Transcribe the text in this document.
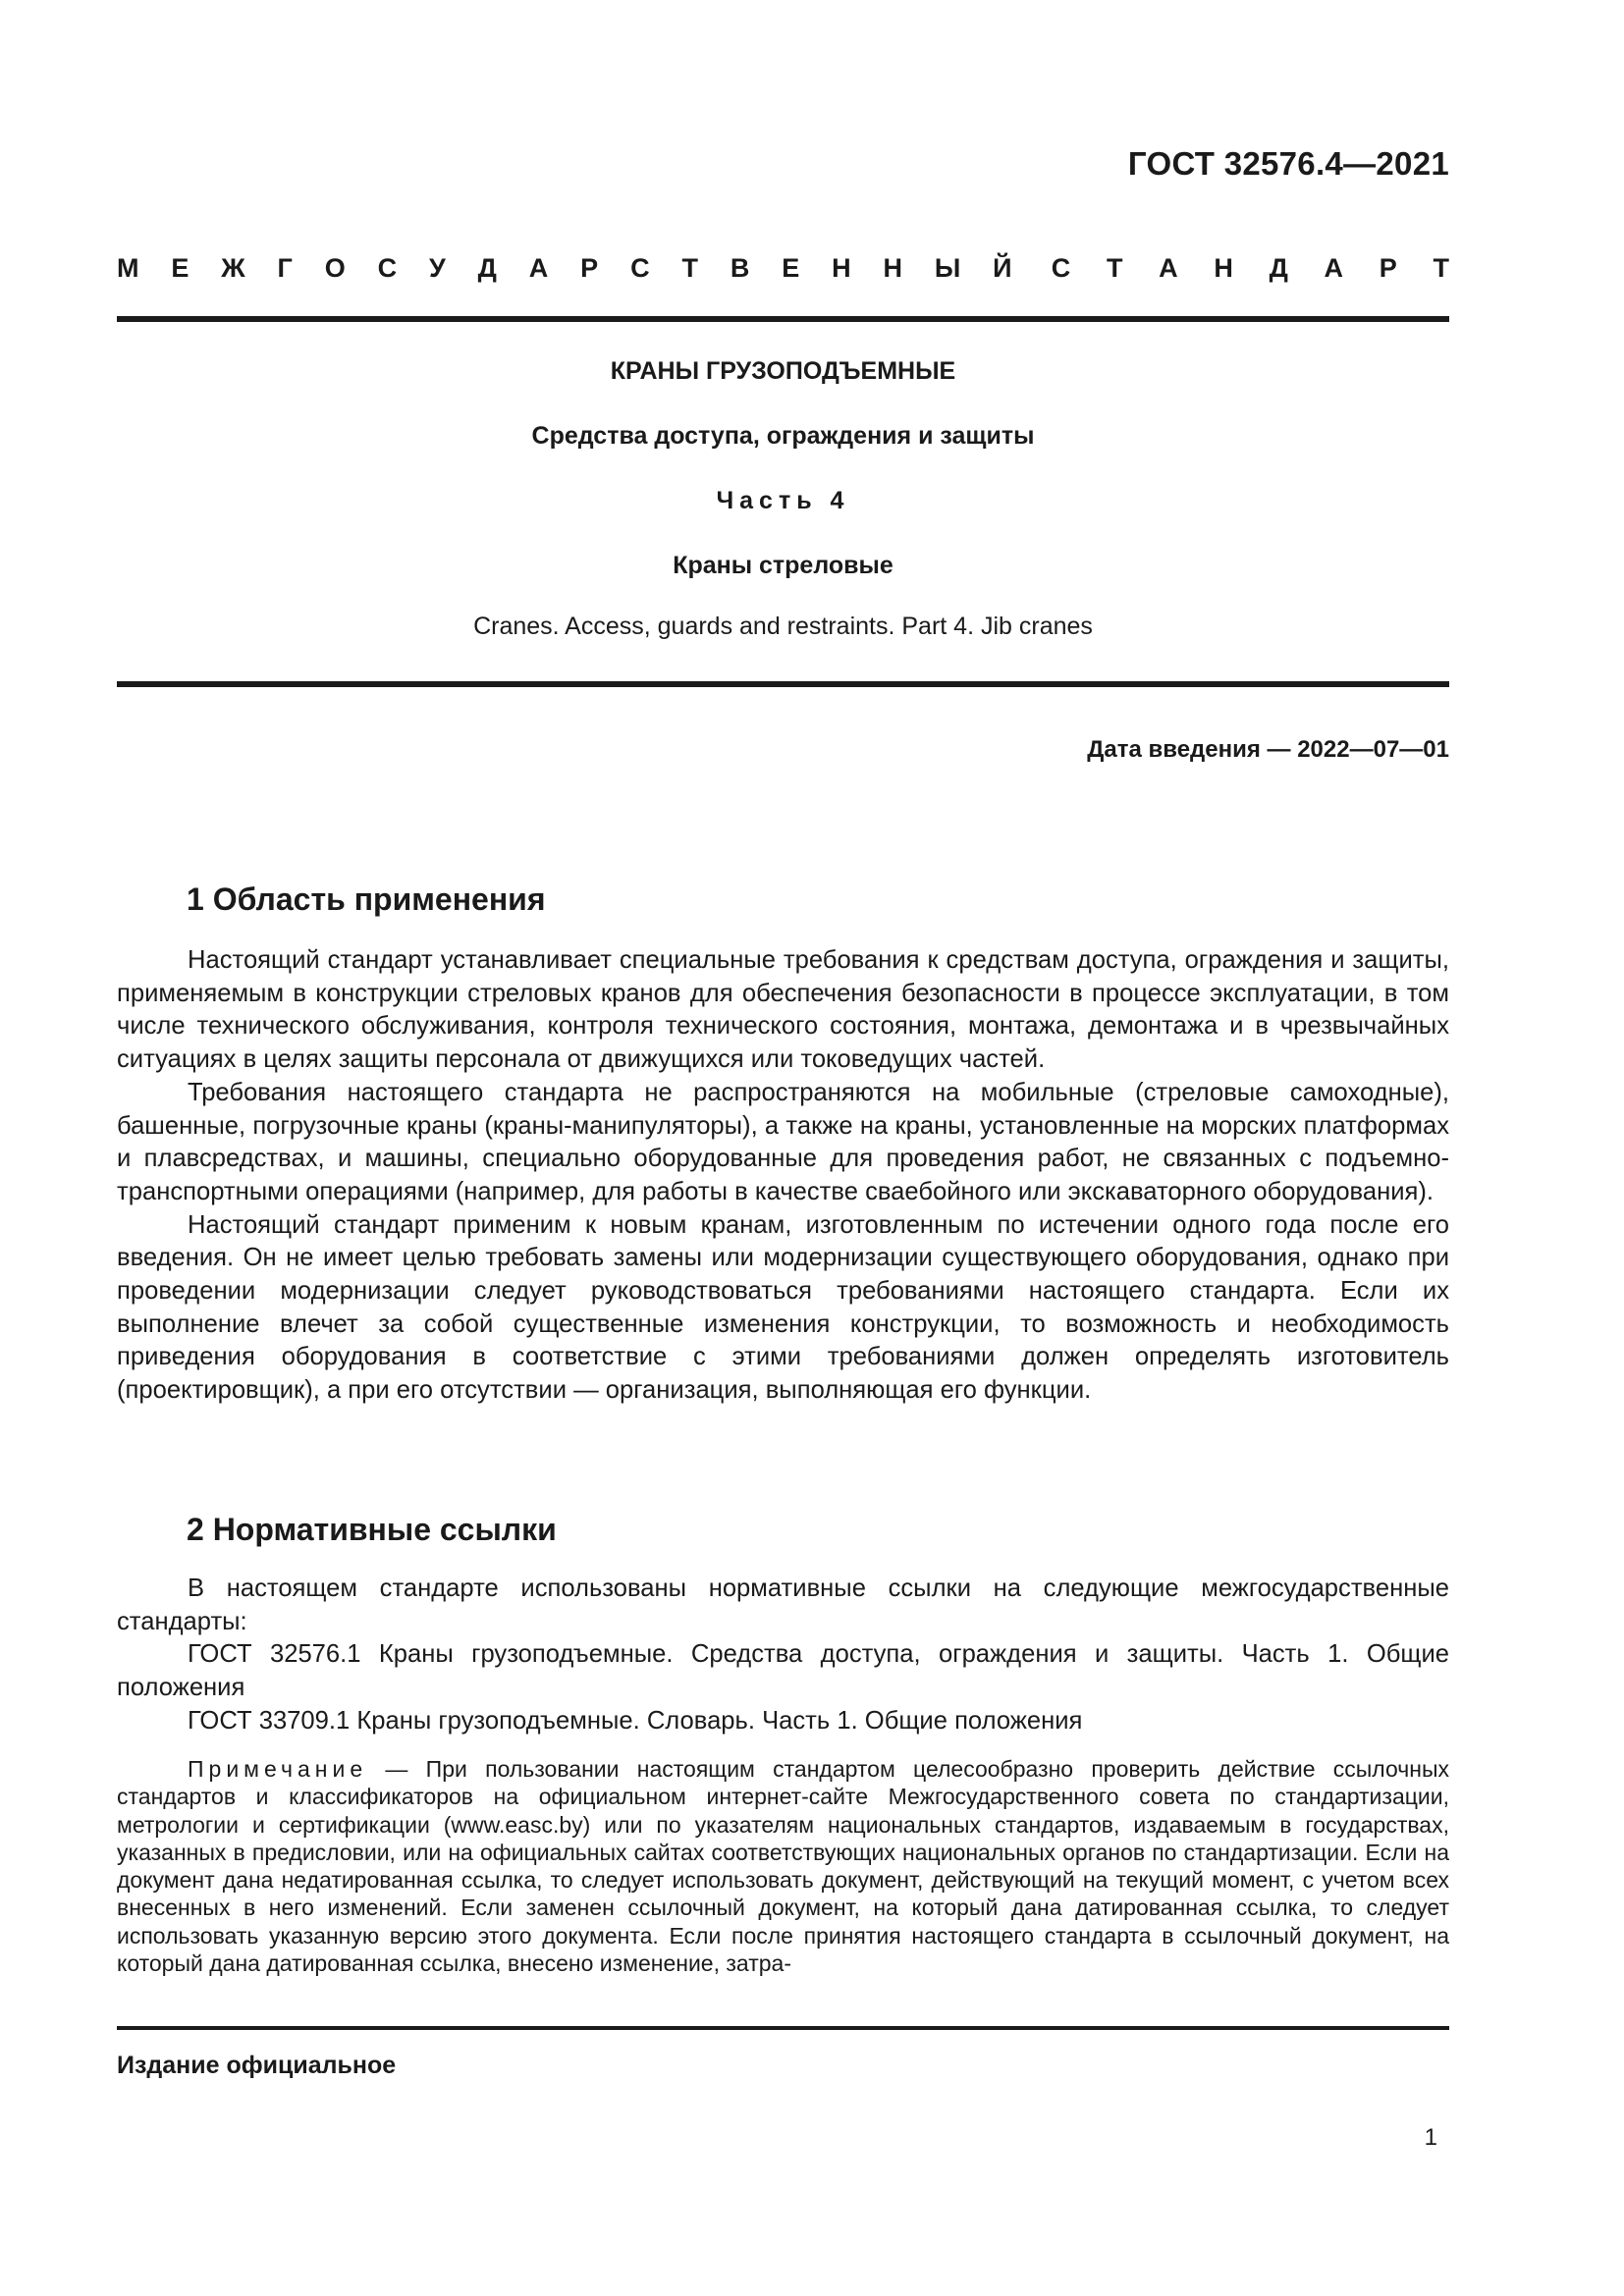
ГОСТ 32576.4—2021
М Е Ж Г О С У Д А Р С Т В Е Н Н Ы Й С Т А Н Д А Р Т
КРАНЫ ГРУЗОПОДЪЕМНЫЕ
Средства доступа, ограждения и защиты
Часть 4
Краны стреловые
Cranes. Access, guards and restraints. Part 4. Jib cranes
Дата введения — 2022—07—01
1 Область применения

Настоящий стандарт устанавливает специальные требования к средствам доступа, ограждения и защиты, применяемым в конструкции стреловых кранов для обеспечения безопасности в процессе эксплуатации, в том числе технического обслуживания, контроля технического состояния, монтажа, демонтажа и в чрезвычайных ситуациях в целях защиты персонала от движущихся или токоведущих частей.

Требования настоящего стандарта не распространяются на мобильные (стреловые самоходные), башенные, погрузочные краны (краны-манипуляторы), а также на краны, установленные на морских платформах и плавсредствах, и машины, специально оборудованные для проведения работ, не связанных с подъемно-транспортными операциями (например, для работы в качестве сваебойного или экскаваторного оборудования).

Настоящий стандарт применим к новым кранам, изготовленным по истечении одного года после его введения. Он не имеет целью требовать замены или модернизации существующего оборудования, однако при проведении модернизации следует руководствоваться требованиями настоящего стандарта. Если их выполнение влечет за собой существенные изменения конструкции, то возможность и необходимость приведения оборудования в соответствие с этими требованиями должен определять изготовитель (проектировщик), а при его отсутствии — организация, выполняющая его функции.

2 Нормативные ссылки

В настоящем стандарте использованы нормативные ссылки на следующие межгосударственные стандарты:

ГОСТ 32576.1 Краны грузоподъемные. Средства доступа, ограждения и защиты. Часть 1. Общие положения

ГОСТ 33709.1 Краны грузоподъемные. Словарь. Часть 1. Общие положения

Примечание — При пользовании настоящим стандартом целесообразно проверить действие ссылочных стандартов и классификаторов на официальном интернет-сайте Межгосударственного совета по стандартизации, метрологии и сертификации (www.easc.by) или по указателям национальных стандартов, издаваемым в государствах, указанных в предисловии, или на официальных сайтах соответствующих национальных органов по стандартизации. Если на документ дана недатированная ссылка, то следует использовать документ, действующий на текущий момент, с учетом всех внесенных в него изменений. Если заменен ссылочный документ, на который дана датированная ссылка, то следует использовать указанную версию этого документа. Если после принятия настоящего стандарта в ссылочный документ, на который дана датированная ссылка, внесено изменение, затра-

Издание официальное
1
